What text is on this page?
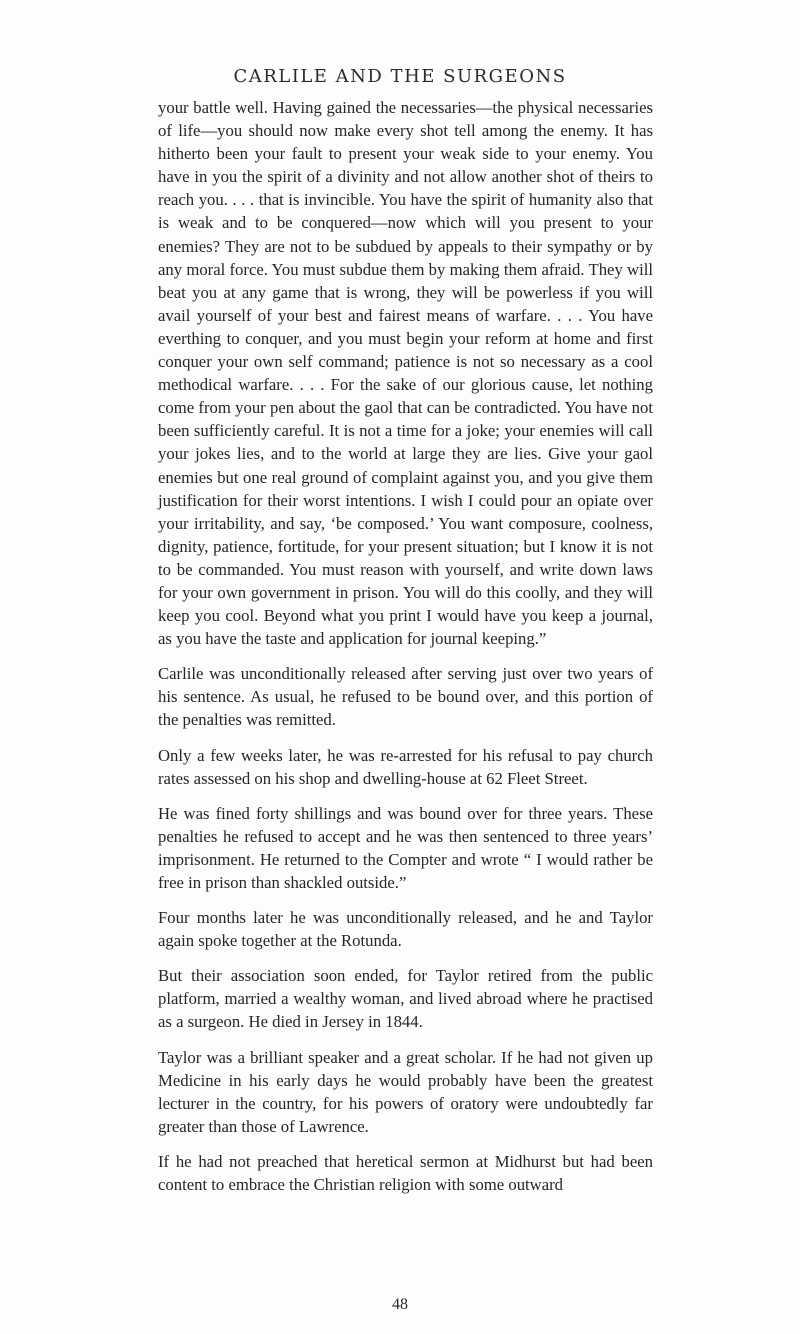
CARLILE AND THE SURGEONS

your battle well. Having gained the necessaries—the physical necessaries of life—you should now make every shot tell among the enemy. It has hitherto been your fault to present your weak side to your enemy. You have in you the spirit of a divinity and not allow another shot of theirs to reach you. . . . that is invincible. You have the spirit of humanity also that is weak and to be conquered—now which will you present to your enemies? They are not to be subdued by appeals to their sympathy or by any moral force. You must subdue them by making them afraid. They will beat you at any game that is wrong, they will be powerless if you will avail yourself of your best and fairest means of warfare. . . . You have everthing to conquer, and you must begin your reform at home and first conquer your own self command; patience is not so necessary as a cool methodical warfare. . . . For the sake of our glorious cause, let nothing come from your pen about the gaol that can be contradicted. You have not been sufficiently careful. It is not a time for a joke; your enemies will call your jokes lies, and to the world at large they are lies. Give your gaol enemies but one real ground of complaint against you, and you give them justification for their worst intentions. I wish I could pour an opiate over your irritability, and say, ‘be composed.’ You want composure, coolness, dignity, patience, fortitude, for your present situation; but I know it is not to be commanded. You must reason with yourself, and write down laws for your own government in prison. You will do this coolly, and they will keep you cool. Beyond what you print I would have you keep a journal, as you have the taste and application for journal keeping.”

Carlile was unconditionally released after serving just over two years of his sentence. As usual, he refused to be bound over, and this portion of the penalties was remitted.

Only a few weeks later, he was re-arrested for his refusal to pay church rates assessed on his shop and dwelling-house at 62 Fleet Street.

He was fined forty shillings and was bound over for three years. These penalties he refused to accept and he was then sentenced to three years’ imprisonment. He returned to the Compter and wrote “ I would rather be free in prison than shackled outside.”

Four months later he was unconditionally released, and he and Taylor again spoke together at the Rotunda.

But their association soon ended, for Taylor retired from the public platform, married a wealthy woman, and lived abroad where he practised as a surgeon. He died in Jersey in 1844.

Taylor was a brilliant speaker and a great scholar. If he had not given up Medicine in his early days he would probably have been the greatest lecturer in the country, for his powers of oratory were undoubtedly far greater than those of Lawrence.

If he had not preached that heretical sermon at Midhurst but had been content to embrace the Christian religion with some outward

48
